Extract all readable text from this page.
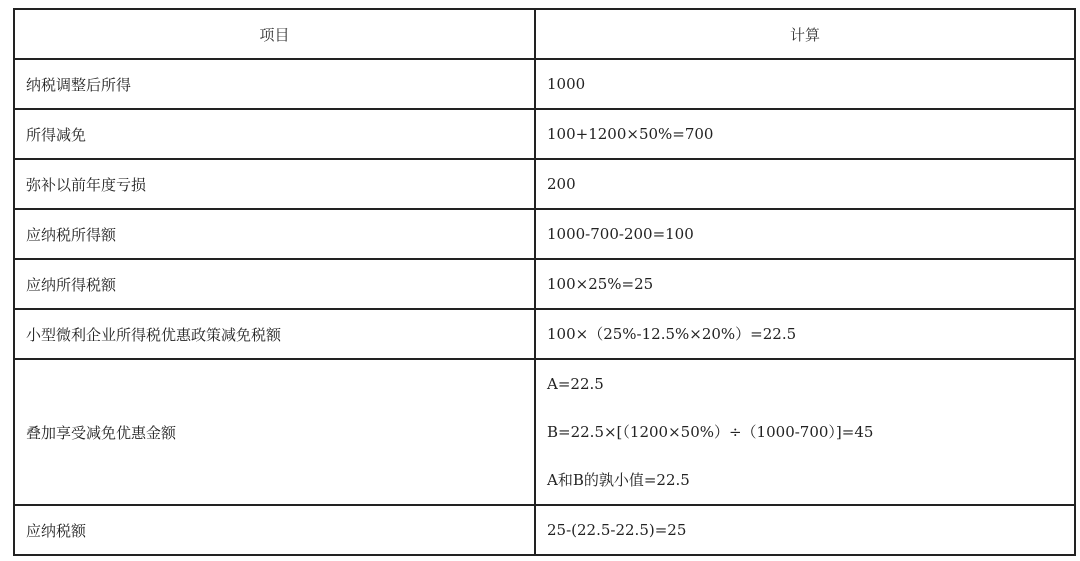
项目	计算
纳税调整后所得	1000

所得减免	100+1200×50%=700

弥补以前年度亏损	200

应纳税所得额	1000-700-200=100

应纳所得税额	100×25%=25

小型微利企业所得税优惠政策减免税额	100×（25%-12.5%×20%）=22.5

叠加享受减免优惠金额	A=22.5
B=22.5×[（1200×50%）÷（1000-700）]=45
A和B的孰小值=22.5

应纳税额	25-(22.5-22.5)=25
